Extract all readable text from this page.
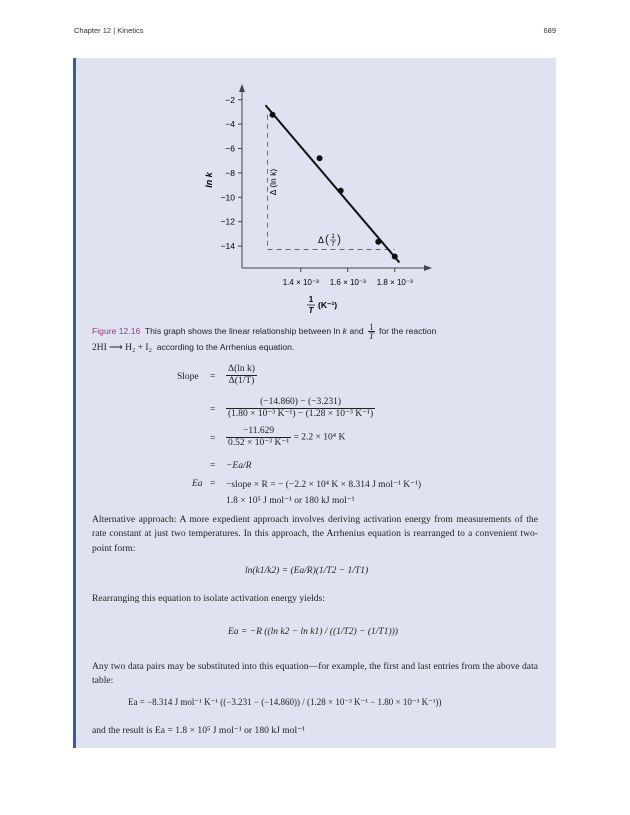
Chapter 12 | Kinetics	689
−2
−4
−6
−8
−10
−12
−14
1.4 × 10⁻³ 1.6 × 10⁻³ 1.8 × 10⁻³
ln k	Δ (ln k)
Δ ( 1
T )
1
T
(K⁻¹)
Figure 12.16 This graph shows the linear relationship between ln k and $\frac{1}{T}$ for the reaction
2HI ⟶ H₂ + I₂ according to the Arrhenius equation.
Slope = $\frac{\text{Δ(ln k)}}{\Delta(1/T)}$
= $\frac{(-14.860) - (-3.231)}{\text{(1.80 × 10⁻³ K⁻¹) − (1.28 × 10⁻³ K⁻¹)}}$
= $\frac{-11.629}{\text{0.52 × 10⁻³ K⁻¹}} = 2.2 \times 10^4$ K
= −Ea/R
Ea = −slope × R = − (−2.2 × 10⁴ K × 8.314 J mol⁻¹ K⁻¹)
1.8 × 10⁵ J mol⁻¹ or 180 kJ mol⁻¹
Alternative approach: A more expedient approach involves deriving activation energy from measurements of the rate constant at just two temperatures. In this approach, the Arrhenius equation is rearranged to a convenient two-point form:
ln(k1/k2) = (Ea/R)(1/T2 − 1/T1)
Rearranging this equation to isolate activation energy yields:
Ea = −R ((ln k2 − ln k1) / ((1/T2) − (1/T1)))
Any two data pairs may be substituted into this equation—for example, the first and last entries from the above data table:
Ea = −8.314 J mol⁻¹ K⁻¹ ((−3.231 − (−14.860)) / (1.28 × 10⁻³ K⁻¹ − 1.80 × 10⁻³ K⁻¹))
and the result is Ea = 1.8 × 10⁵ J mol⁻¹ or 180 kJ mol⁻¹
